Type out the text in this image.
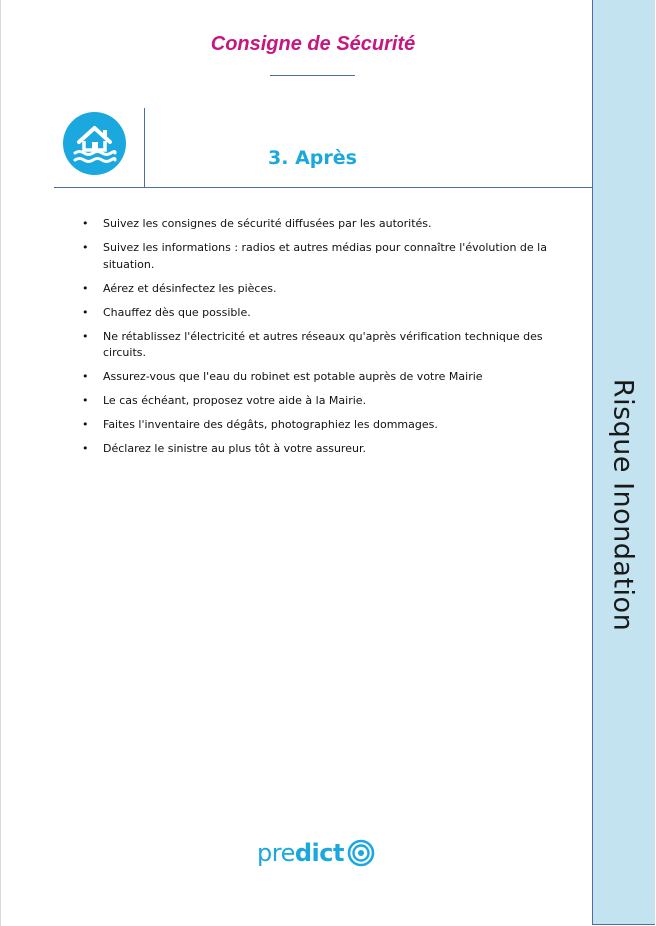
Consigne de Sécurité
3. Après
• Suivez les consignes de sécurité diffusées par les autorités.
• Suivez les informations : radios et autres médias pour connaître l'évolution de la situation.
• Aérez et désinfectez les pièces.
• Chauffez dès que possible.
• Ne rétablissez l'électricité et autres réseaux qu'après vérification technique des circuits.
• Assurez-vous que l'eau du robinet est potable auprès de votre Mairie
• Le cas échéant, proposez votre aide à la Mairie.
• Faites l'inventaire des dégâts, photographiez les dommages.
• Déclarez le sinistre au plus tôt à votre assureur.
predict
Risque Inondation
